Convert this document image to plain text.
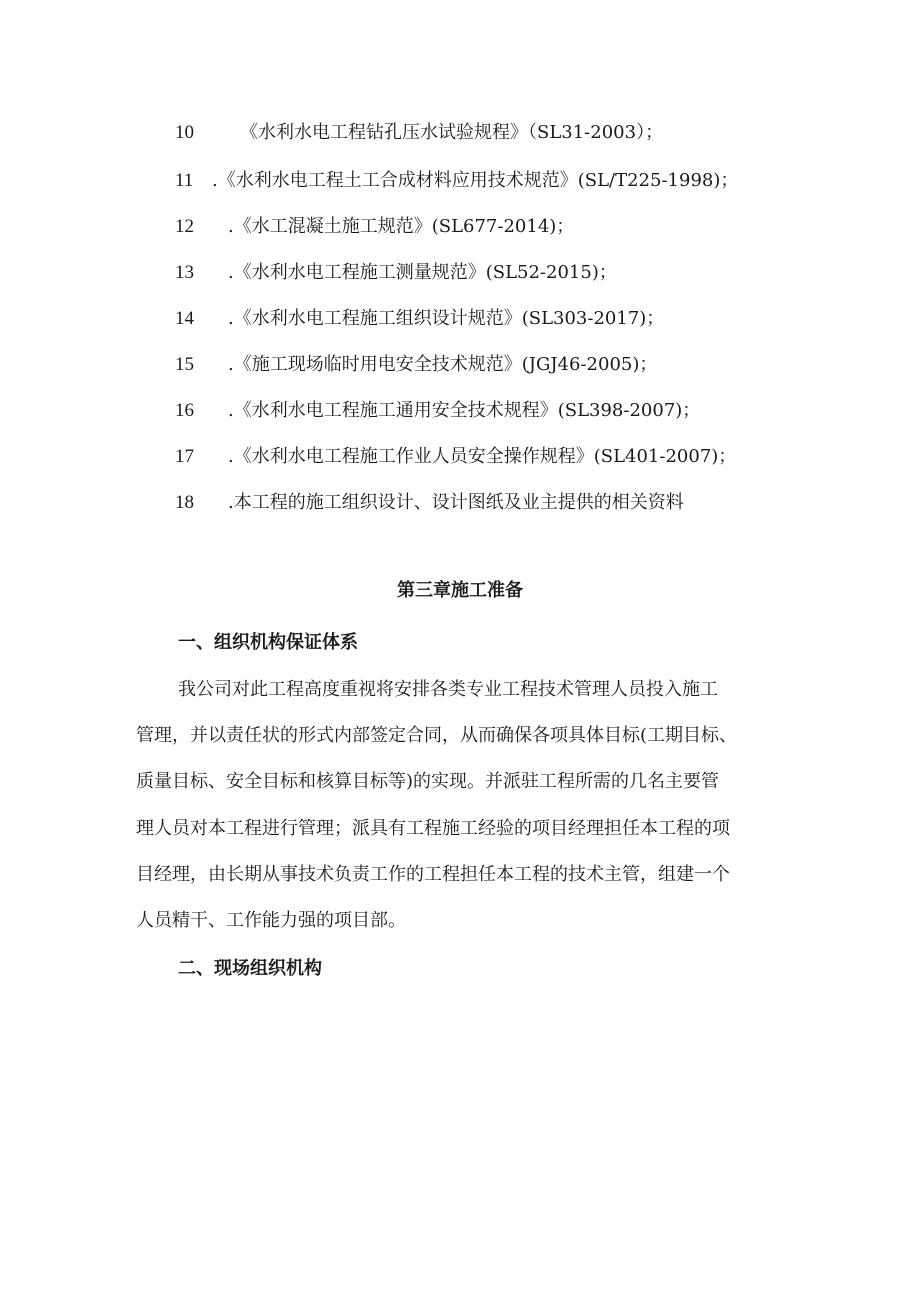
10	《水利水电工程钻孔压水试验规程》（SL31-2003）；
11 .《水利水电工程土工合成材料应用技术规范》(SL/T225-1998)；
12 .《水工混凝土施工规范》(SL677-2014)；
13 .《水利水电工程施工测量规范》(SL52-2015)；
14 .《水利水电工程施工组织设计规范》(SL303-2017)；
15 .《施工现场临时用电安全技术规范》(JGJ46-2005)；
16 .《水利水电工程施工通用安全技术规程》(SL398-2007)；
17 .《水利水电工程施工作业人员安全操作规程》(SL401-2007)；
18 .本工程的施工组织设计、设计图纸及业主提供的相关资料
第三章施工准备
一、组织机构保证体系
我公司对此工程高度重视将安排各类专业工程技术管理人员投入施工
管理，并以责任状的形式内部签定合同，从而确保各项具体目标(工期目标、
质量目标、安全目标和核算目标等)的实现。并派驻工程所需的几名主要管
理人员对本工程进行管理；派具有工程施工经验的项目经理担任本工程的项
目经理，由长期从事技术负责工作的工程担任本工程的技术主管，组建一个
人员精干、工作能力强的项目部。
二、现场组织机构
